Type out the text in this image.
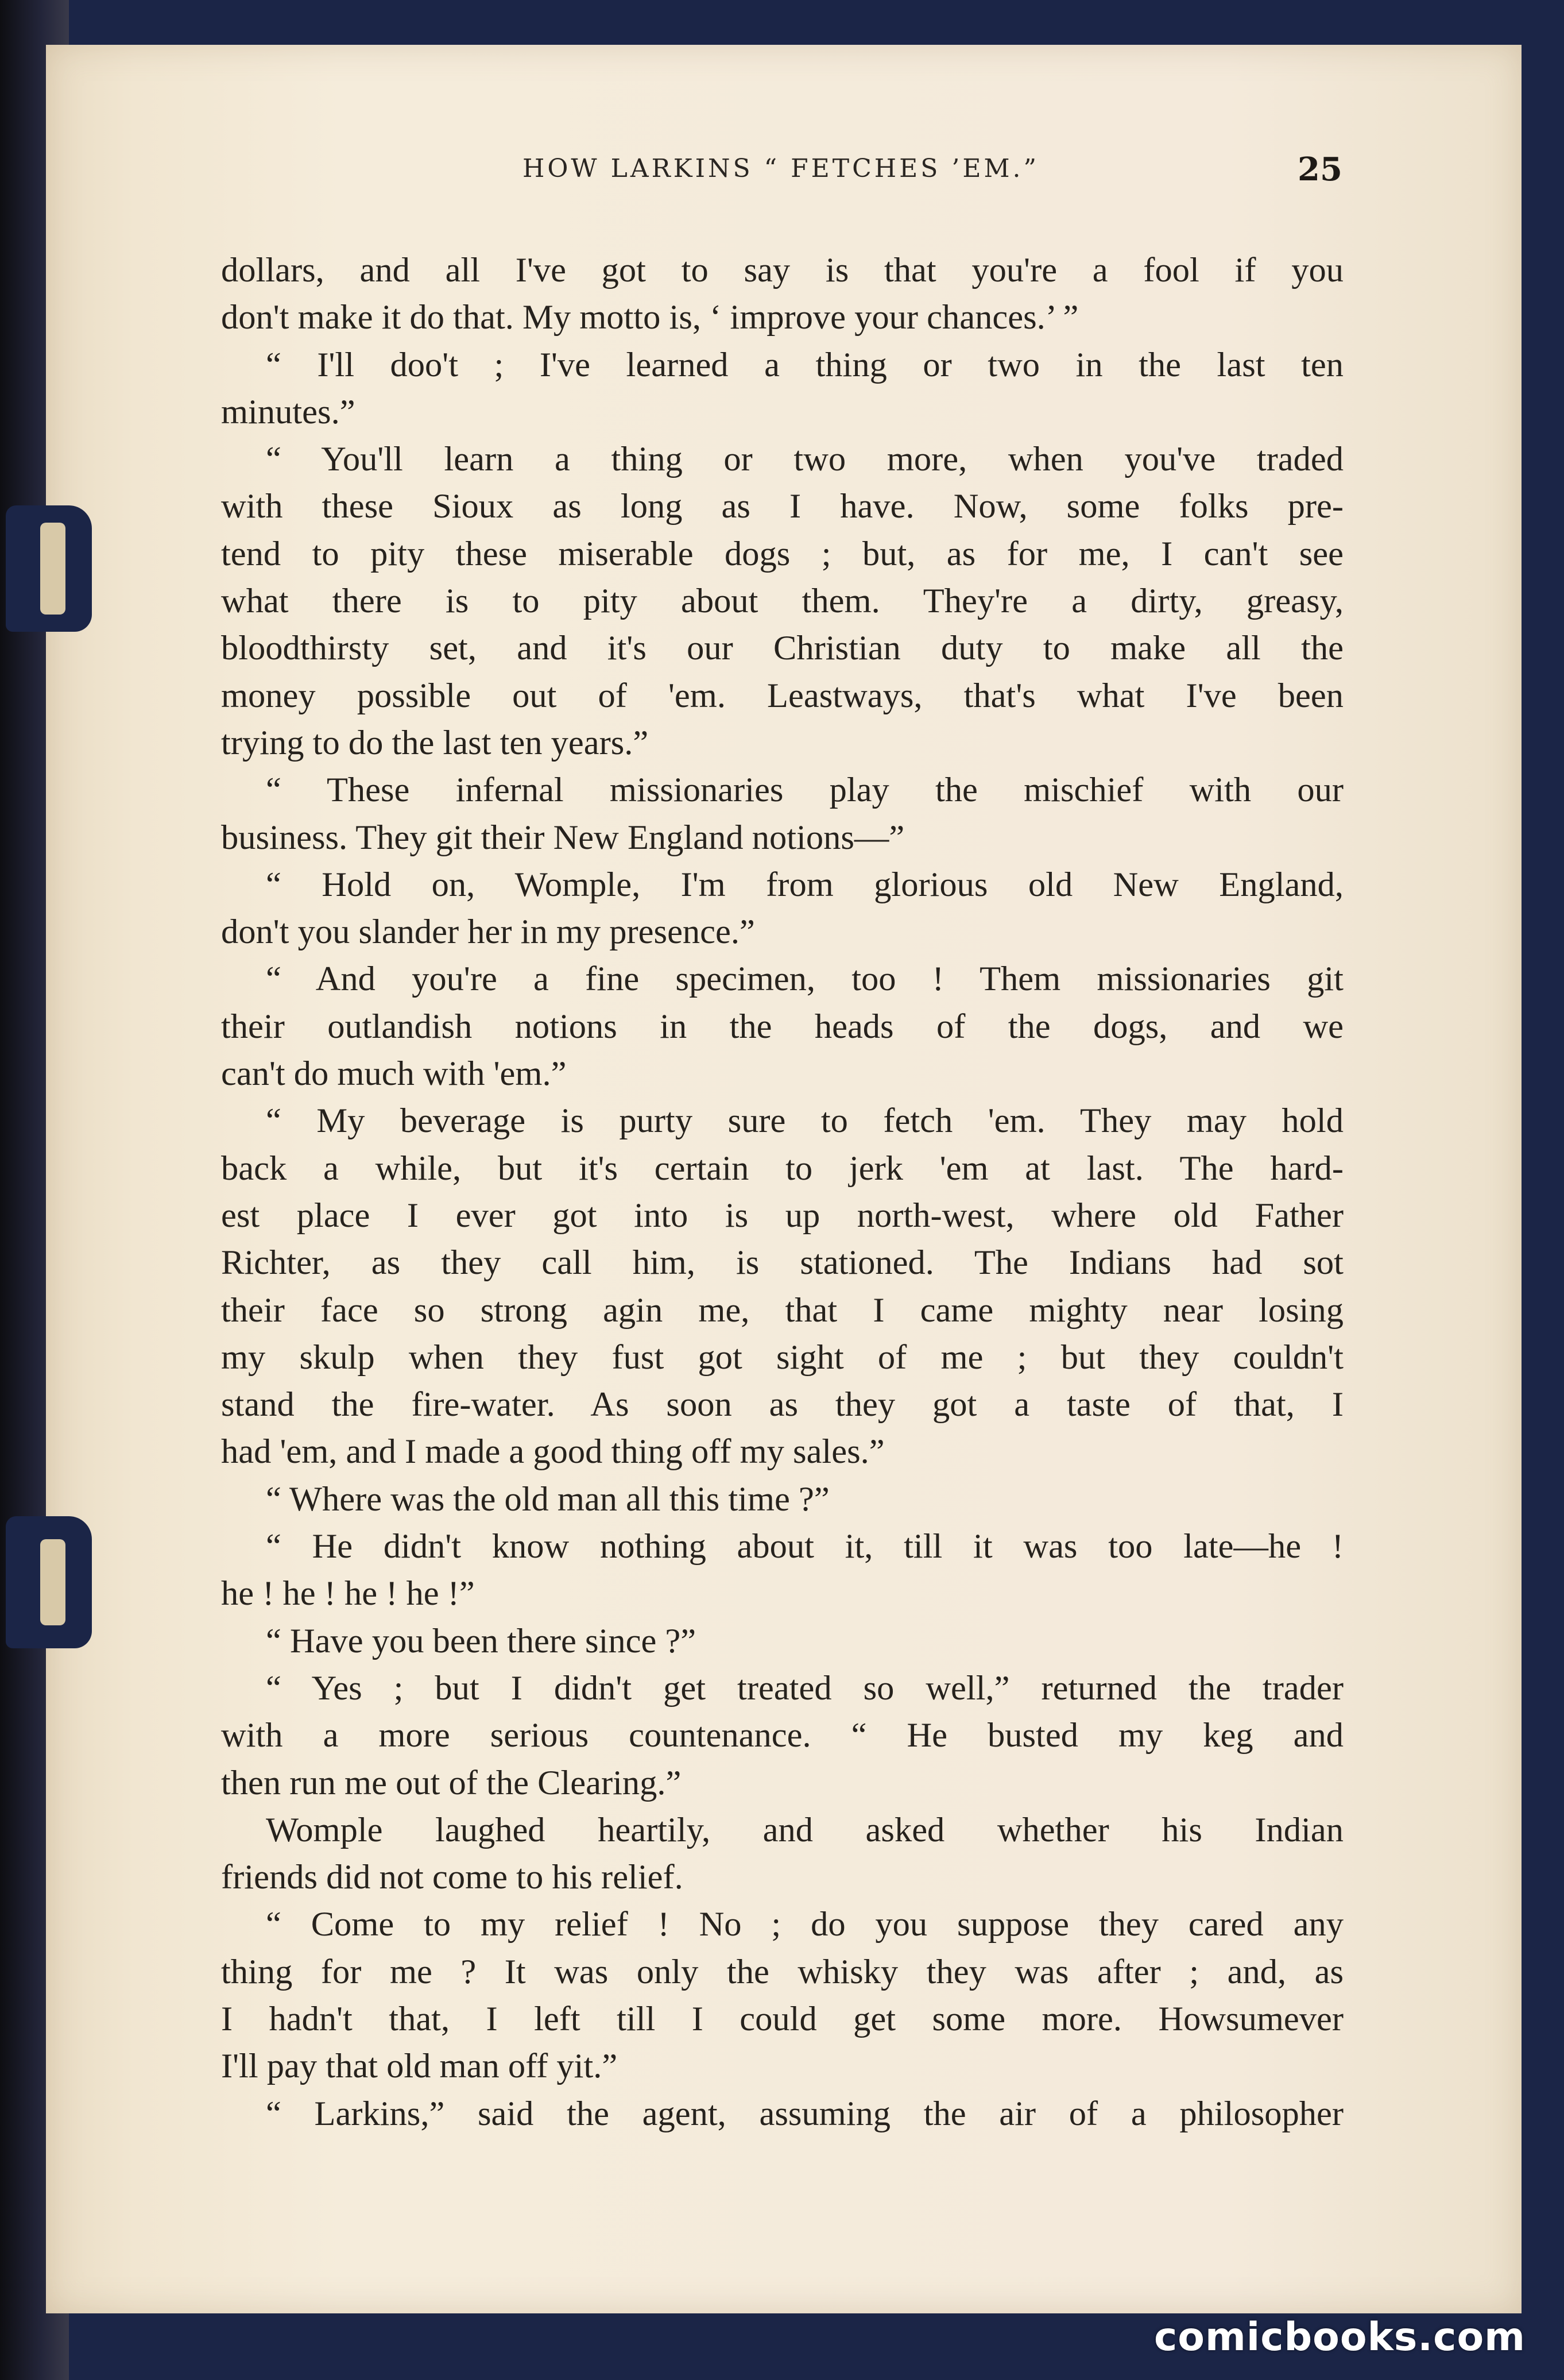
HOW LARKINS “ FETCHES ’EM.”	25
dollars, and all I've got to say is that you're a fool if you
don't make it do that. My motto is, ‘ improve your chances.’ ”
“ I'll doo't ; I've learned a thing or two in the last ten
minutes.”
“ You'll learn a thing or two more, when you've traded
with these Sioux as long as I have. Now, some folks pre-
tend to pity these miserable dogs ; but, as for me, I can't see
what there is to pity about them. They're a dirty, greasy,
bloodthirsty set, and it's our Christian duty to make all the
money possible out of 'em. Leastways, that's what I've been
trying to do the last ten years.”
“ These infernal missionaries play the mischief with our
business. They git their New England notions—”
“ Hold on, Womple, I'm from glorious old New England,
don't you slander her in my presence.”
“ And you're a fine specimen, too ! Them missionaries git
their outlandish notions in the heads of the dogs, and we
can't do much with 'em.”
“ My beverage is purty sure to fetch 'em. They may hold
back a while, but it's certain to jerk 'em at last. The hard-
est place I ever got into is up north-west, where old Father
Richter, as they call him, is stationed. The Indians had sot
their face so strong agin me, that I came mighty near losing
my skulp when they fust got sight of me ; but they couldn't
stand the fire-water. As soon as they got a taste of that, I
had 'em, and I made a good thing off my sales.”
“ Where was the old man all this time ?”
“ He didn't know nothing about it, till it was too late—he !
he ! he ! he ! he !”
“ Have you been there since ?”
“ Yes ; but I didn't get treated so well,” returned the trader
with a more serious countenance. “ He busted my keg and
then run me out of the Clearing.”
Womple laughed heartily, and asked whether his Indian
friends did not come to his relief.
“ Come to my relief ! No ; do you suppose they cared any
thing for me ? It was only the whisky they was after ; and, as
I hadn't that, I left till I could get some more. Howsumever
I'll pay that old man off yit.”
“ Larkins,” said the agent, assuming the air of a philosopher
comicbooks.com
